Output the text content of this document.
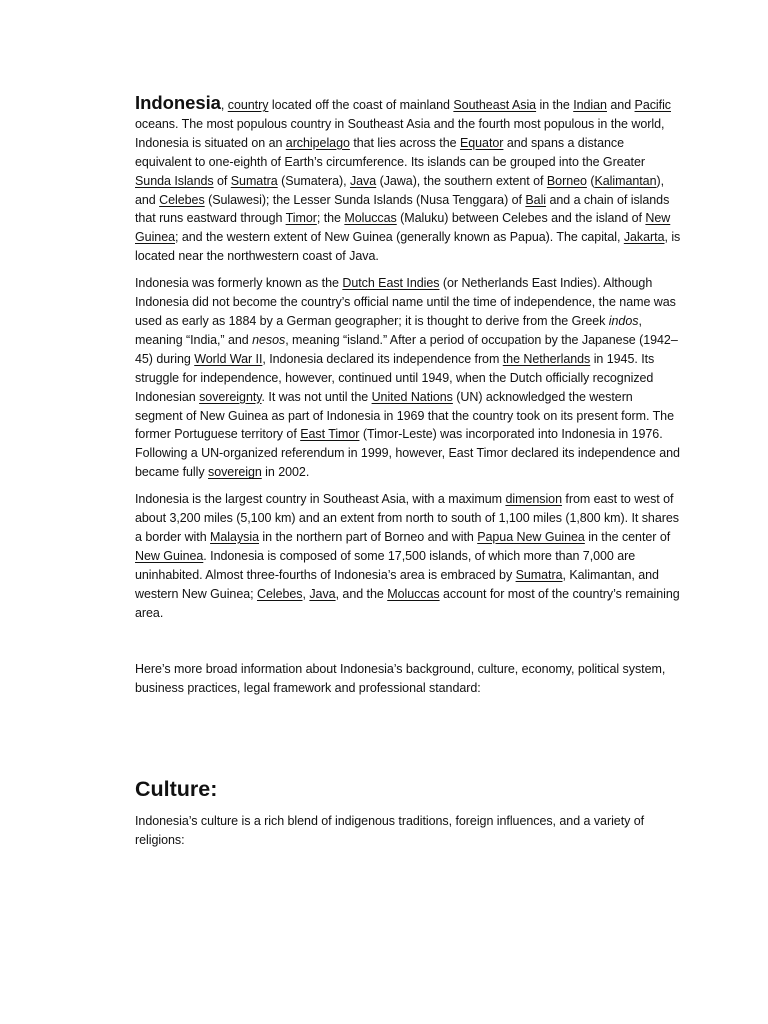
Indonesia, country located off the coast of mainland Southeast Asia in the Indian and Pacific oceans. The most populous country in Southeast Asia and the fourth most populous in the world, Indonesia is situated on an archipelago that lies across the Equator and spans a distance equivalent to one-eighth of Earth’s circumference. Its islands can be grouped into the Greater Sunda Islands of Sumatra (Sumatera), Java (Jawa), the southern extent of Borneo (Kalimantan), and Celebes (Sulawesi); the Lesser Sunda Islands (Nusa Tenggara) of Bali and a chain of islands that runs eastward through Timor; the Moluccas (Maluku) between Celebes and the island of New Guinea; and the western extent of New Guinea (generally known as Papua). The capital, Jakarta, is located near the northwestern coast of Java.

Indonesia was formerly known as the Dutch East Indies (or Netherlands East Indies). Although Indonesia did not become the country’s official name until the time of independence, the name was used as early as 1884 by a German geographer; it is thought to derive from the Greek indos, meaning “India,” and nesos, meaning “island.” After a period of occupation by the Japanese (1942–45) during World War II, Indonesia declared its independence from the Netherlands in 1945. Its struggle for independence, however, continued until 1949, when the Dutch officially recognized Indonesian sovereignty. It was not until the United Nations (UN) acknowledged the western segment of New Guinea as part of Indonesia in 1969 that the country took on its present form. The former Portuguese territory of East Timor (Timor-Leste) was incorporated into Indonesia in 1976. Following a UN-organized referendum in 1999, however, East Timor declared its independence and became fully sovereign in 2002.

Indonesia is the largest country in Southeast Asia, with a maximum dimension from east to west of about 3,200 miles (5,100 km) and an extent from north to south of 1,100 miles (1,800 km). It shares a border with Malaysia in the northern part of Borneo and with Papua New Guinea in the center of New Guinea. Indonesia is composed of some 17,500 islands, of which more than 7,000 are uninhabited. Almost three-fourths of Indonesia’s area is embraced by Sumatra, Kalimantan, and western New Guinea; Celebes, Java, and the Moluccas account for most of the country’s remaining area.

Here’s more broad information about Indonesia’s background, culture, economy, political system, business practices, legal framework and professional standard:

Culture:

Indonesia’s culture is a rich blend of indigenous traditions, foreign influences, and a variety of religions:
